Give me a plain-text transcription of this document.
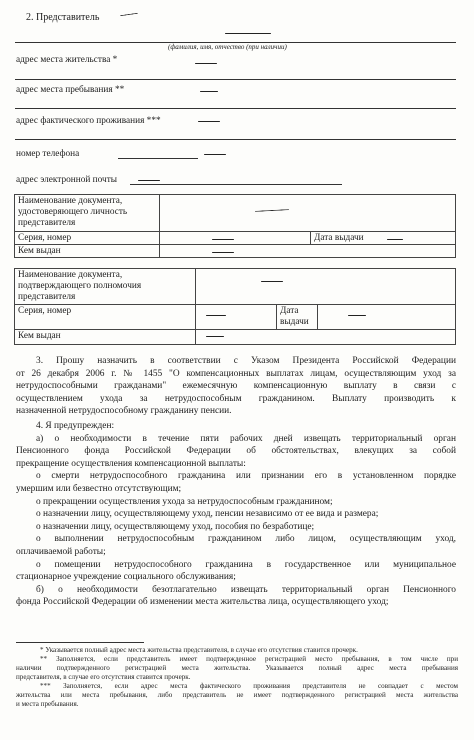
2. Представитель
(фамилия, имя, отчество (при наличии)
адрес места жительства *
адрес места пребывания **
адрес фактического проживания ***
номер телефона
адрес электронной почты
Наименование документа, удостоверяющего личность представителя		

Серия, номер		Дата выдачи

Кем выдан		
Наименование документа, подтверждающего полномочия представителя			

Серия, номер		Дата выдачи	

Кем выдан			
3. Прошу назначить в соответствии с Указом Президента Российской Федерации
от 26 декабря 2006 г. № 1455 "О компенсационных выплатах лицам, осуществляющим уход за
нетрудоспособными гражданами" ежемесячную компенсационную выплату в связи с
осуществлением ухода за нетрудоспособным гражданином. Выплату производить к
назначенной нетрудоспособному гражданину пенсии.
4. Я предупрежден:
а) о необходимости в течение пяти рабочих дней извещать территориальный орган
Пенсионного фонда Российской Федерации об обстоятельствах, влекущих за собой
прекращение осуществления компенсационной выплаты:
о смерти нетрудоспособного гражданина или признании его в установленном порядке
умершим или безвестно отсутствующим;
о прекращении осуществления ухода за нетрудоспособным гражданином;
о назначении лицу, осуществляющему уход, пенсии независимо от ее вида и размера;
о назначении лицу, осуществляющему уход, пособия по безработице;
о выполнении нетрудоспособным гражданином либо лицом, осуществляющим уход,
оплачиваемой работы;
о помещении нетрудоспособного гражданина в государственное или муниципальное
стационарное учреждение социального обслуживания;
б) о необходимости безотлагательно извещать территориальный орган Пенсионного
фонда Российской Федерации об изменении места жительства лица, осуществляющего уход;
* Указывается полный адрес места жительства представителя, в случае его отсутствия ставится прочерк.
** Заполняется, если представитель имеет подтвержденное регистрацией место пребывания, в том числе при
наличии подтвержденного регистрацией места жительства. Указывается полный адрес места пребывания
представителя, в случае его отсутствия ставится прочерк.
*** Заполняется, если адрес места фактического проживания представителя не совпадает с местом
жительства или места пребывания, либо представитель не имеет подтвержденного регистрацией места жительства
и места пребывания.
